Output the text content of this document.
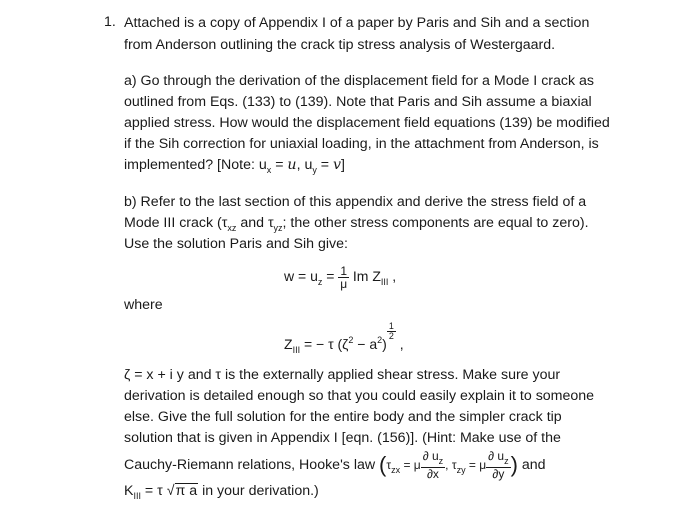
1. Attached is a copy of Appendix I of a paper by Paris and Sih and a section
from Anderson outlining the crack tip stress analysis of Westergaard.
a) Go through the derivation of the displacement field for a Mode I crack as
outlined from Eqs. (133) to (139). Note that Paris and Sih assume a biaxial
applied stress. How would the displacement field equations (139) be modified
if the Sih correction for uniaxial loading, in the attachment from Anderson, is
implemented? [Note: $u_x = u$, $u_y = v$]
b) Refer to the last section of this appendix and derive the stress field of a
Mode III crack ($\tau_{xz}$ and $\tau_{yz}$; the other stress components are equal to zero).
Use the solution Paris and Sih give:
$w = u_z = \frac{1}{\mu}$ Im $Z_{III}$ ,
where
$Z_{III}$ = − τ $(\zeta^2 - a^2)$
$\frac{1}{2}$
,
ζ = x + i y and τ is the externally applied shear stress. Make sure your
derivation is detailed enough so that you could easily explain it to someone
else. Give the full solution for the entire body and the simpler crack tip
solution that is given in Appendix I [eqn. (156)]. (Hint: Make use of the
Cauchy-Riemann relations, Hooke's law ($\tau_{zx} = \mu \frac{\partial u_z}{\partial x}$ , $\tau_{zy} = \mu \frac{\partial u_z}{\partial y}$ ) and
$K_{III} = \tau$ √π a in your derivation.)
